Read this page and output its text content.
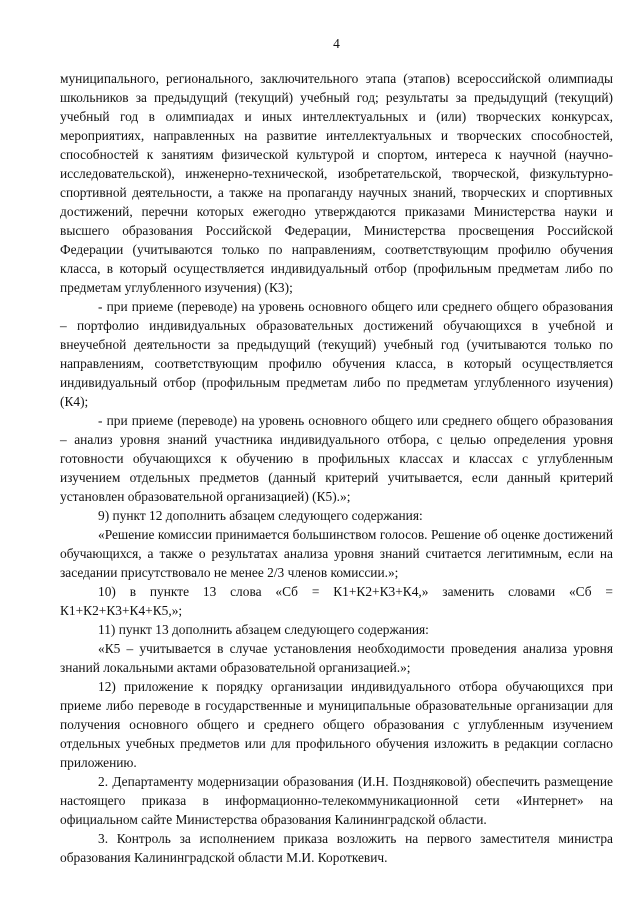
4

муниципального, регионального, заключительного этапа (этапов) всероссийской олимпиады школьников за предыдущий (текущий) учебный год; результаты за предыдущий (текущий) учебный год в олимпиадах и иных интеллектуальных и (или) творческих конкурсах, мероприятиях, направленных на развитие интеллектуальных и творческих способностей, способностей к занятиям физической культурой и спортом, интереса к научной (научно-исследовательской), инженерно-технической, изобретательской, творческой, физкультурно-спортивной деятельности, а также на пропаганду научных знаний, творческих и спортивных достижений, перечни которых ежегодно утверждаются приказами Министерства науки и высшего образования Российской Федерации, Министерства просвещения Российской Федерации (учитываются только по направлениям, соответствующим профилю обучения класса, в который осуществляется индивидуальный отбор (профильным предметам либо по предметам углубленного изучения) (К3);

- при приеме (переводе) на уровень основного общего или среднего общего образования – портфолио индивидуальных образовательных достижений обучающихся в учебной и внеучебной деятельности за предыдущий (текущий) учебный год (учитываются только по направлениям, соответствующим профилю обучения класса, в который осуществляется индивидуальный отбор (профильным предметам либо по предметам углубленного изучения) (К4);

- при приеме (переводе) на уровень основного общего или среднего общего образования – анализ уровня знаний участника индивидуального отбора, с целью определения уровня готовности обучающихся к обучению в профильных классах и классах с углубленным изучением отдельных предметов (данный критерий учитывается, если данный критерий установлен образовательной организацией) (К5).»;

9) пункт 12 дополнить абзацем следующего содержания:

«Решение комиссии принимается большинством голосов. Решение об оценке достижений обучающихся, а также о результатах анализа уровня знаний считается легитимным, если на заседании присутствовало не менее 2/3 членов комиссии.»;

10) в пункте 13 слова «Сб = К1+К2+К3+К4,» заменить словами «Сб = К1+К2+К3+К4+К5,»;

11) пункт 13 дополнить абзацем следующего содержания:

«К5 – учитывается в случае установления необходимости проведения анализа уровня знаний локальными актами образовательной организацией.»;

12) приложение к порядку организации индивидуального отбора обучающихся при приеме либо переводе в государственные и муниципальные образовательные организации для получения основного общего и среднего общего образования с углубленным изучением отдельных учебных предметов или для профильного обучения изложить в редакции согласно приложению.

2. Департаменту модернизации образования (И.Н. Поздняковой) обеспечить размещение настоящего приказа в информационно-телекоммуникационной сети «Интернет» на официальном сайте Министерства образования Калининградской области.

3. Контроль за исполнением приказа возложить на первого заместителя министра образования Калининградской области М.И. Короткевич.
